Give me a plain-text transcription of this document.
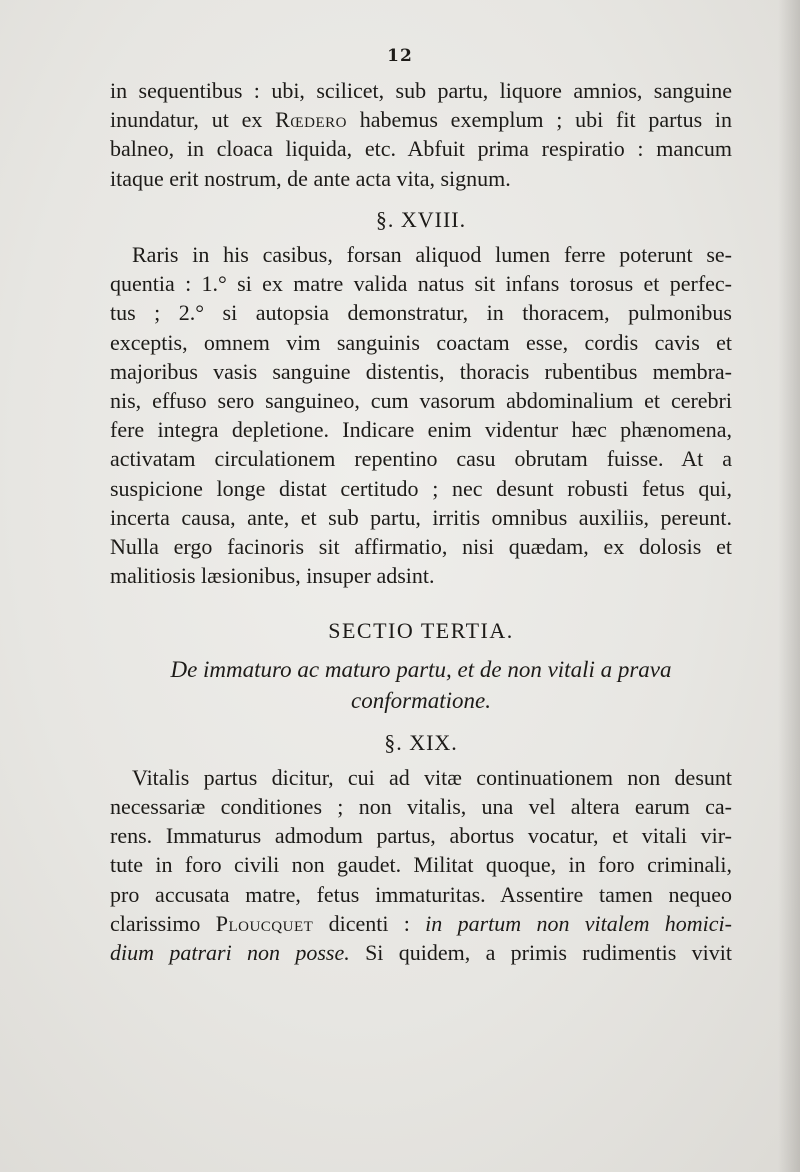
12

in sequentibus : ubi, scilicet, sub partu, liquore amnios, sanguine
inundatur, ut ex Rœdero habemus exemplum ; ubi fit partus in
balneo, in cloaca liquida, etc. Abfuit prima respiratio : mancum
itaque erit nostrum, de ante acta vita, signum.

§. XVIII.

Raris in his casibus, forsan aliquod lumen ferre poterunt se-
quentia : 1.° si ex matre valida natus sit infans torosus et perfec-
tus ; 2.° si autopsia demonstratur, in thoracem, pulmonibus
exceptis, omnem vim sanguinis coactam esse, cordis cavis et
majoribus vasis sanguine distentis, thoracis rubentibus membra-
nis, effuso sero sanguineo, cum vasorum abdominalium et cerebri
fere integra depletione. Indicare enim videntur hæc phænomena,
activatam circulationem repentino casu obrutam fuisse. At a
suspicione longe distat certitudo ; nec desunt robusti fetus qui,
incerta causa, ante, et sub partu, irritis omnibus auxiliis, pereunt.
Nulla ergo facinoris sit affirmatio, nisi quædam, ex dolosis et
malitiosis læsionibus, insuper adsint.

SECTIO TERTIA.
De immaturo ac maturo partu, et de non vitali a prava
conformatione.
§. XIX.

Vitalis partus dicitur, cui ad vitæ continuationem non desunt
necessariæ conditiones ; non vitalis, una vel altera earum ca-
rens. Immaturus admodum partus, abortus vocatur, et vitali vir-
tute in foro civili non gaudet. Militat quoque, in foro criminali,
pro accusata matre, fetus immaturitas. Assentire tamen nequeo
clarissimo Ploucquet dicenti : in partum non vitalem homici-
dium patrari non posse. Si quidem, a primis rudimentis vivit
